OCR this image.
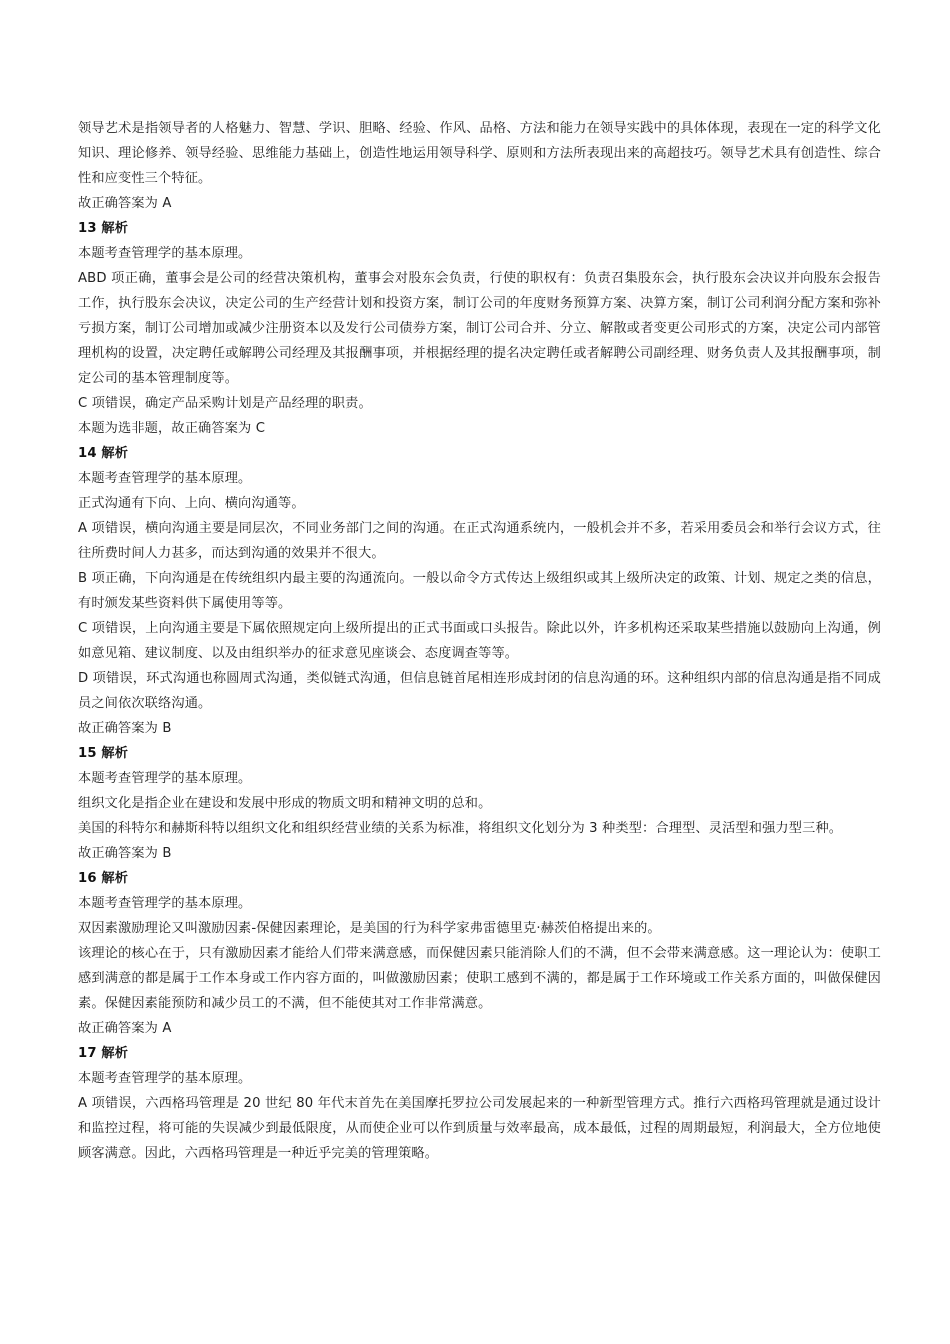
领导艺术是指领导者的人格魅力、智慧、学识、胆略、经验、作风、品格、方法和能力在领导实践中的具体体现，表现在一定的科学文化知识、理论修养、领导经验、思维能力基础上，创造性地运用领导科学、原则和方法所表现出来的高超技巧。领导艺术具有创造性、综合性和应变性三个特征。

故正确答案为 A

13 解析

本题考查管理学的基本原理。

ABD 项正确，董事会是公司的经营决策机构，董事会对股东会负责，行使的职权有：负责召集股东会，执行股东会决议并向股东会报告工作，执行股东会决议，决定公司的生产经营计划和投资方案，制订公司的年度财务预算方案、决算方案，制订公司利润分配方案和弥补亏损方案，制订公司增加或减少注册资本以及发行公司债券方案，制订公司合并、分立、解散或者变更公司形式的方案，决定公司内部管理机构的设置，决定聘任或解聘公司经理及其报酬事项，并根据经理的提名决定聘任或者解聘公司副经理、财务负责人及其报酬事项，制定公司的基本管理制度等。

C 项错误，确定产品采购计划是产品经理的职责。

本题为选非题，故正确答案为 C

14 解析

本题考查管理学的基本原理。

正式沟通有下向、上向、横向沟通等。

A 项错误，横向沟通主要是同层次，不同业务部门之间的沟通。在正式沟通系统内，一般机会并不多，若采用委员会和举行会议方式，往往所费时间人力甚多，而达到沟通的效果并不很大。

B 项正确，下向沟通是在传统组织内最主要的沟通流向。一般以命令方式传达上级组织或其上级所决定的政策、计划、规定之类的信息，有时颁发某些资料供下属使用等等。

C 项错误，上向沟通主要是下属依照规定向上级所提出的正式书面或口头报告。除此以外，许多机构还采取某些措施以鼓励向上沟通，例如意见箱、建议制度、以及由组织举办的征求意见座谈会、态度调查等等。

D 项错误，环式沟通也称圆周式沟通，类似链式沟通，但信息链首尾相连形成封闭的信息沟通的环。这种组织内部的信息沟通是指不同成员之间依次联络沟通。

故正确答案为 B

15 解析

本题考查管理学的基本原理。

组织文化是指企业在建设和发展中形成的物质文明和精神文明的总和。

美国的科特尔和赫斯科特以组织文化和组织经营业绩的关系为标准，将组织文化划分为 3 种类型：合理型、灵活型和强力型三种。

故正确答案为 B

16 解析

本题考查管理学的基本原理。

双因素激励理论又叫激励因素-保健因素理论，是美国的行为科学家弗雷德里克·赫茨伯格提出来的。

该理论的核心在于，只有激励因素才能给人们带来满意感，而保健因素只能消除人们的不满，但不会带来满意感。这一理论认为：使职工感到满意的都是属于工作本身或工作内容方面的，叫做激励因素；使职工感到不满的，都是属于工作环境或工作关系方面的，叫做保健因素。保健因素能预防和减少员工的不满，但不能使其对工作非常满意。

故正确答案为 A

17 解析

本题考查管理学的基本原理。

A 项错误，六西格玛管理是 20 世纪 80 年代末首先在美国摩托罗拉公司发展起来的一种新型管理方式。推行六西格玛管理就是通过设计和监控过程，将可能的失误减少到最低限度，从而使企业可以作到质量与效率最高，成本最低，过程的周期最短，利润最大，全方位地使顾客满意。因此，六西格玛管理是一种近乎完美的管理策略。
